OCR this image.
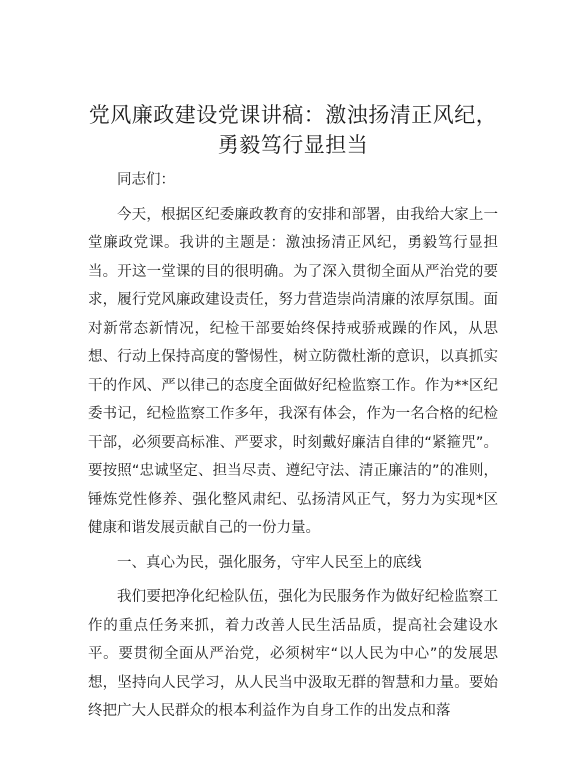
党风廉政建设党课讲稿：激浊扬清正风纪，勇毅笃行显担当

同志们：

今天，根据区纪委廉政教育的安排和部署，由我给大家上一堂廉政党课。我讲的主题是：激浊扬清正风纪，勇毅笃行显担当。开这一堂课的目的很明确。为了深入贯彻全面从严治党的要求，履行党风廉政建设责任，努力营造崇尚清廉的浓厚氛围。面对新常态新情况，纪检干部要始终保持戒骄戒躁的作风，从思想、行动上保持高度的警惕性，树立防微杜渐的意识，以真抓实干的作风、严以律己的态度全面做好纪检监察工作。作为**区纪委书记，纪检监察工作多年，我深有体会，作为一名合格的纪检干部，必须要高标准、严要求，时刻戴好廉洁自律的“紧箍咒”。要按照“忠诚坚定、担当尽责、遵纪守法、清正廉洁的”的准则，锤炼党性修养、强化整风肃纪、弘扬清风正气，努力为实现*区健康和谐发展贡献自己的一份力量。

一、真心为民，强化服务，守牢人民至上的底线

我们要把净化纪检队伍，强化为民服务作为做好纪检监察工作的重点任务来抓，着力改善人民生活品质，提高社会建设水平。要贯彻全面从严治党，必须树牢“以人民为中心”的发展思想，坚持向人民学习，从人民当中汲取无群的智慧和力量。要始终把广大人民群众的根本利益作为自身工作的出发点和落
